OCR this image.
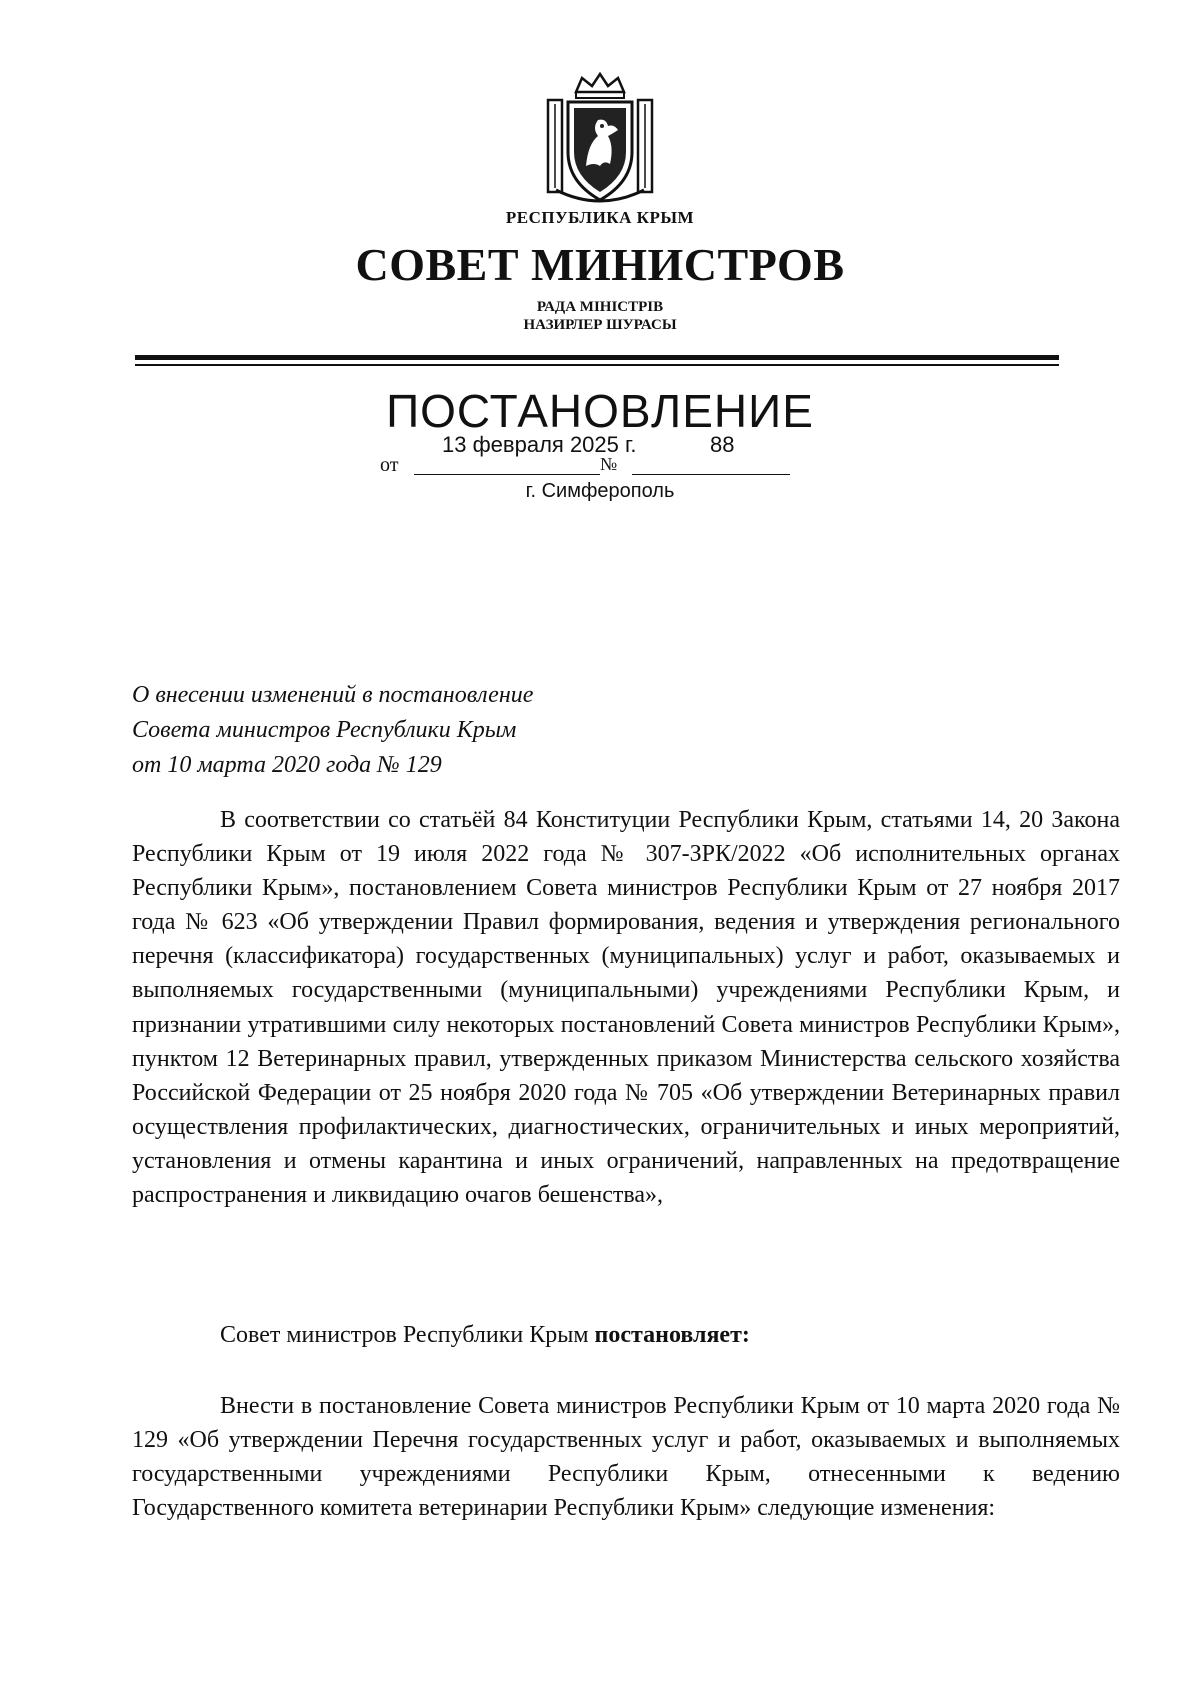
РЕСПУБЛИКА КРЫМ
СОВЕТ МИНИСТРОВ
РАДА МІНІСТРІВ
НАЗИРЛЕР ШУРАСЫ
ПОСТАНОВЛЕНИЕ
от
13 февраля 2025 г.
№
88
г. Симферополь
О внесении изменений в постановление
Совета министров Республики Крым
от 10 марта 2020 года № 129

В соответствии со статьёй 84 Конституции Республики Крым, статьями 14, 20 Закона Республики Крым от 19 июля 2022 года № 307-ЗРК/2022 «Об исполнительных органах Республики Крым», постановлением Совета министров Республики Крым от 27 ноября 2017 года № 623 «Об утверждении Правил формирования, ведения и утверждения регионального перечня (классификатора) государственных (муниципальных) услуг и работ, оказываемых и выполняемых государственными (муниципальными) учреждениями Республики Крым, и признании утратившими силу некоторых постановлений Совета министров Республики Крым», пунктом 12 Ветеринарных правил, утвержденных приказом Министерства сельского хозяйства Российской Федерации от 25 ноября 2020 года № 705 «Об утверждении Ветеринарных правил осуществления профилактических, диагностических, ограничительных и иных мероприятий, установления и отмены карантина и иных ограничений, направленных на предотвращение распространения и ликвидацию очагов бешенства»,

Совет министров Республики Крым постановляет:

Внести в постановление Совета министров Республики Крым от 10 марта 2020 года № 129 «Об утверждении Перечня государственных услуг и работ, оказываемых и выполняемых государственными учреждениями Республики Крым, отнесенными к ведению Государственного комитета ветеринарии Республики Крым» следующие изменения:
